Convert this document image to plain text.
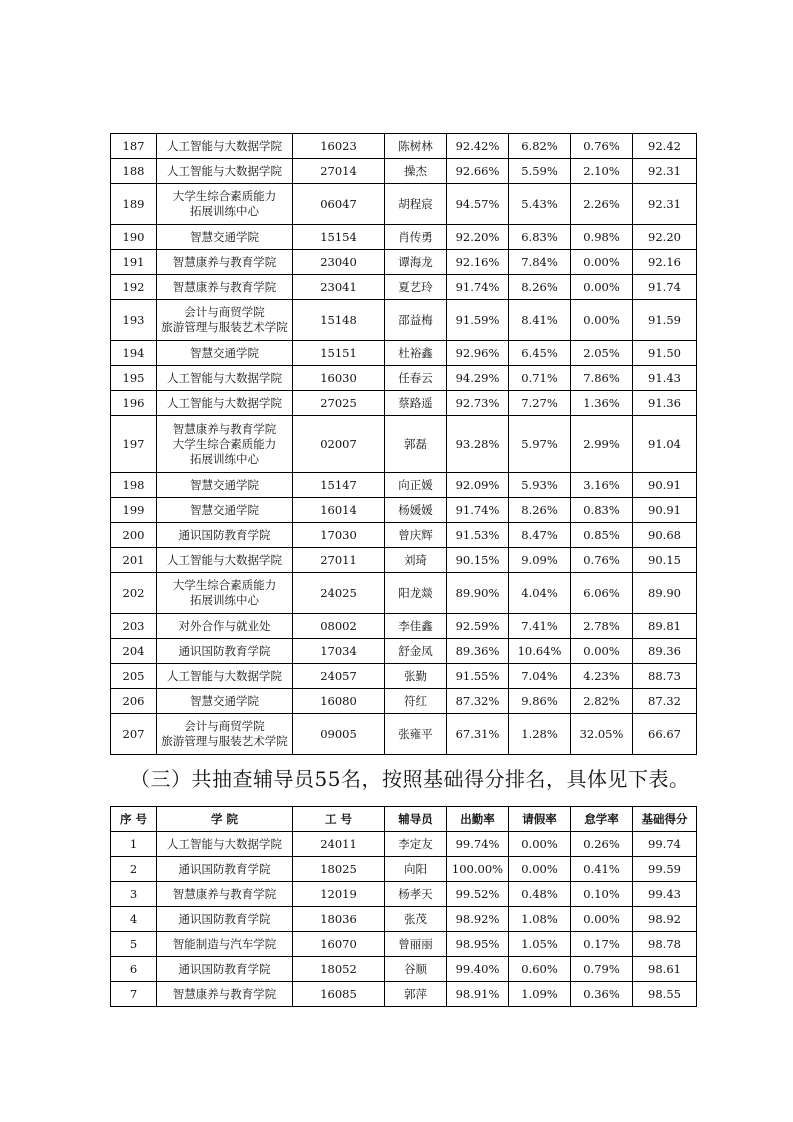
187	人工智能与大数据学院	16023	陈树林	92.42%	6.82%	0.76%	92.42
188	人工智能与大数据学院	27014	操杰	92.66%	5.59%	2.10%	92.31
189	大学生综合素质能力
拓展训练中心	06047	胡程宸	94.57%	5.43%	2.26%	92.31
190	智慧交通学院	15154	肖传勇	92.20%	6.83%	0.98%	92.20
191	智慧康养与教育学院	23040	谭海龙	92.16%	7.84%	0.00%	92.16
192	智慧康养与教育学院	23041	夏艺玲	91.74%	8.26%	0.00%	91.74
193	会计与商贸学院
旅游管理与服装艺术学院	15148	邵益梅	91.59%	8.41%	0.00%	91.59
194	智慧交通学院	15151	杜裕鑫	92.96%	6.45%	2.05%	91.50
195	人工智能与大数据学院	16030	任春云	94.29%	0.71%	7.86%	91.43
196	人工智能与大数据学院	27025	蔡路遥	92.73%	7.27%	1.36%	91.36
197	智慧康养与教育学院
大学生综合素质能力
拓展训练中心	02007	郭磊	93.28%	5.97%	2.99%	91.04
198	智慧交通学院	15147	向正媛	92.09%	5.93%	3.16%	90.91
199	智慧交通学院	16014	杨媛媛	91.74%	8.26%	0.83%	90.91
200	通识国防教育学院	17030	曾庆辉	91.53%	8.47%	0.85%	90.68
201	人工智能与大数据学院	27011	刘琦	90.15%	9.09%	0.76%	90.15
202	大学生综合素质能力
拓展训练中心	24025	阳龙燚	89.90%	4.04%	6.06%	89.90
203	对外合作与就业处	08002	李佳鑫	92.59%	7.41%	2.78%	89.81
204	通识国防教育学院	17034	舒金凤	89.36%	10.64%	0.00%	89.36
205	人工智能与大数据学院	24057	张勤	91.55%	7.04%	4.23%	88.73
206	智慧交通学院	16080	符红	87.32%	9.86%	2.82%	87.32
207	会计与商贸学院
旅游管理与服装艺术学院	09005	张雍平	67.31%	1.28%	32.05%	66.67
（三）共抽查辅导员55名，按照基础得分排名，具体见下表。
序 号	学 院	工 号	辅导员	出勤率	请假率	怠学率	基础得分
1	人工智能与大数据学院	24011	李定友	99.74%	0.00%	0.26%	99.74
2	通识国防教育学院	18025	向阳	100.00%	0.00%	0.41%	99.59
3	智慧康养与教育学院	12019	杨孝天	99.52%	0.48%	0.10%	99.43
4	通识国防教育学院	18036	张茂	98.92%	1.08%	0.00%	98.92
5	智能制造与汽车学院	16070	曾丽丽	98.95%	1.05%	0.17%	98.78
6	通识国防教育学院	18052	谷顺	99.40%	0.60%	0.79%	98.61
7	智慧康养与教育学院	16085	郭萍	98.91%	1.09%	0.36%	98.55
